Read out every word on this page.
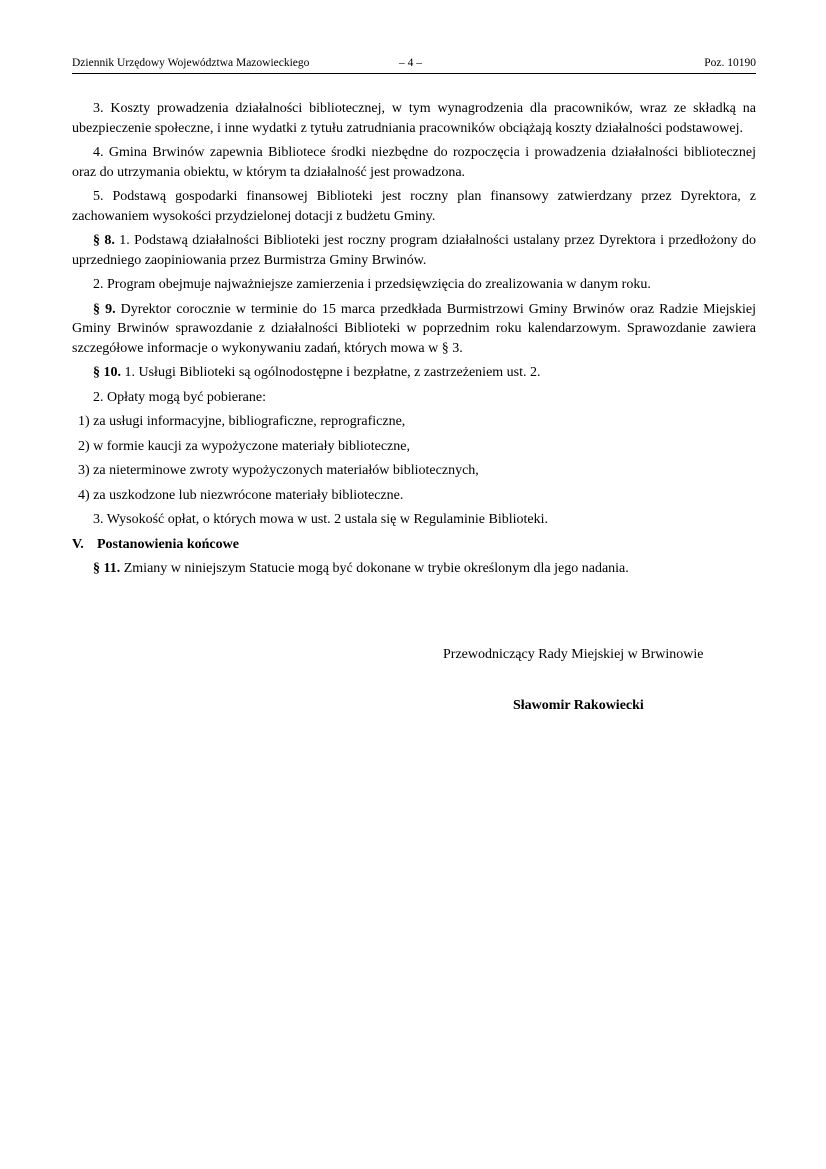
Dziennik Urzędowy Województwa Mazowieckiego	– 4 –	Poz. 10190

3. Koszty prowadzenia działalności bibliotecznej, w tym wynagrodzenia dla pracowników, wraz ze składką na ubezpieczenie społeczne, i inne wydatki z tytułu zatrudniania pracowników obciążają koszty działalności podstawowej.

4. Gmina Brwinów zapewnia Bibliotece środki niezbędne do rozpoczęcia i prowadzenia działalności bibliotecznej oraz do utrzymania obiektu, w którym ta działalność jest prowadzona.

5. Podstawą gospodarki finansowej Biblioteki jest roczny plan finansowy zatwierdzany przez Dyrektora, z zachowaniem wysokości przydzielonej dotacji z budżetu Gminy.

§ 8. 1. Podstawą działalności Biblioteki jest roczny program działalności ustalany przez Dyrektora i przedłożony do uprzedniego zaopiniowania przez Burmistrza Gminy Brwinów.

2. Program obejmuje najważniejsze zamierzenia i przedsięwzięcia do zrealizowania w danym roku.

§ 9. Dyrektor corocznie w terminie do 15 marca przedkłada Burmistrzowi Gminy Brwinów oraz Radzie Miejskiej Gminy Brwinów sprawozdanie z działalności Biblioteki w poprzednim roku kalendarzowym. Sprawozdanie zawiera szczegółowe informacje o wykonywaniu zadań, których mowa w § 3.

§ 10. 1. Usługi Biblioteki są ogólnodostępne i bezpłatne, z zastrzeżeniem ust. 2.

2. Opłaty mogą być pobierane:

1) za usługi informacyjne, bibliograficzne, reprograficzne,

2) w formie kaucji za wypożyczone materiały biblioteczne,

3) za nieterminowe zwroty wypożyczonych materiałów bibliotecznych,

4) za uszkodzone lub niezwrócone materiały biblioteczne.

3. Wysokość opłat, o których mowa w ust. 2 ustala się w Regulaminie Biblioteki.

V. Postanowienia końcowe

§ 11. Zmiany w niniejszym Statucie mogą być dokonane w trybie określonym dla jego nadania.

Przewodniczący Rady Miejskiej w Brwinowie
Sławomir Rakowiecki
